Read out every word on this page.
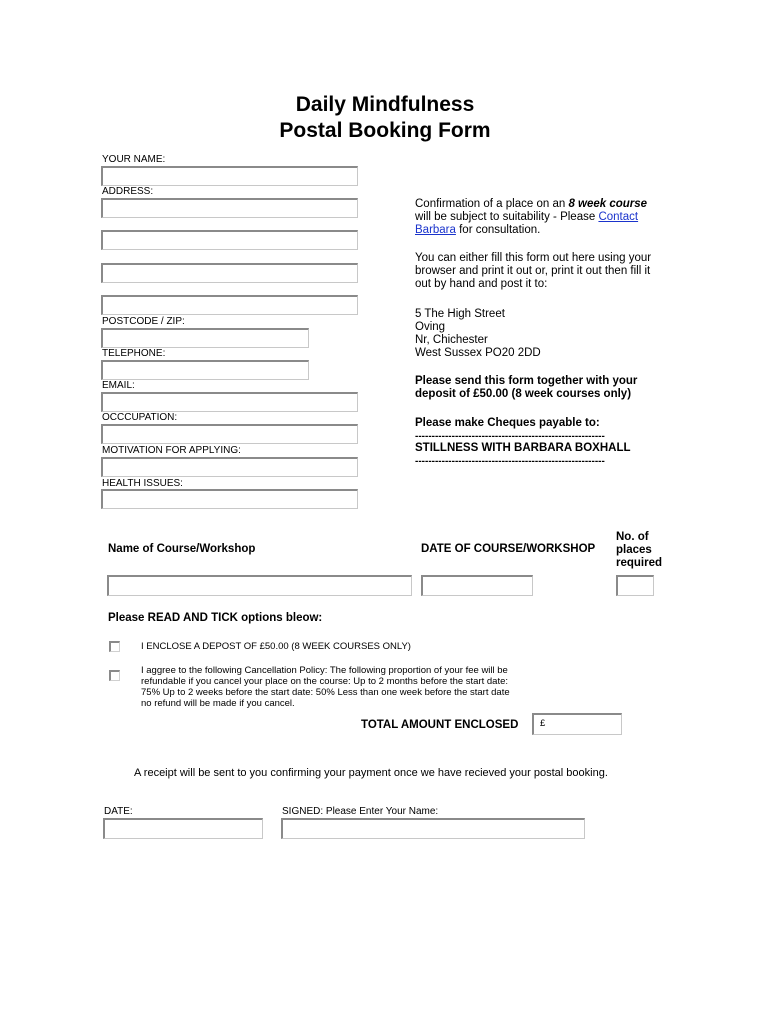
Daily Mindfulness
Postal Booking Form
YOUR NAME:
ADDRESS:
POSTCODE / ZIP:
TELEPHONE:
EMAIL:
OCCCUPATION:
MOTIVATION FOR APPLYING:
HEALTH ISSUES:
Confirmation of a place on an 8 week course
will be subject to suitability - Please Contact
Barbara for consultation.
You can either fill this form out here using your
browser and print it out or, print it out then fill it
out by hand and post it to:
5 The High Street
Oving
Nr, Chichester
West Sussex PO20 2DD
Please send this form together with your
deposit of £50.00 (8 week courses only)
Please make Cheques payable to:
---------------------------------------------------------
STILLNESS WITH BARBARA BOXHALL
---------------------------------------------------------
Name of Course/Workshop	DATE OF COURSE/WORKSHOP
No. of
places
required
Please READ AND TICK options bleow:
I ENCLOSE A DEPOST OF £50.00 (8 WEEK COURSES ONLY)
I aggree to the following Cancellation Policy: The following proportion of your fee will be
refundable if you cancel your place on the course: Up to 2 months before the start date:
75% Up to 2 weeks before the start date: 50% Less than one week before the start date
no refund will be made if you cancel.
TOTAL AMOUNT ENCLOSED £
A receipt will be sent to you confirming your payment once we have recieved your postal booking.
DATE:	SIGNED: Please Enter Your Name:
